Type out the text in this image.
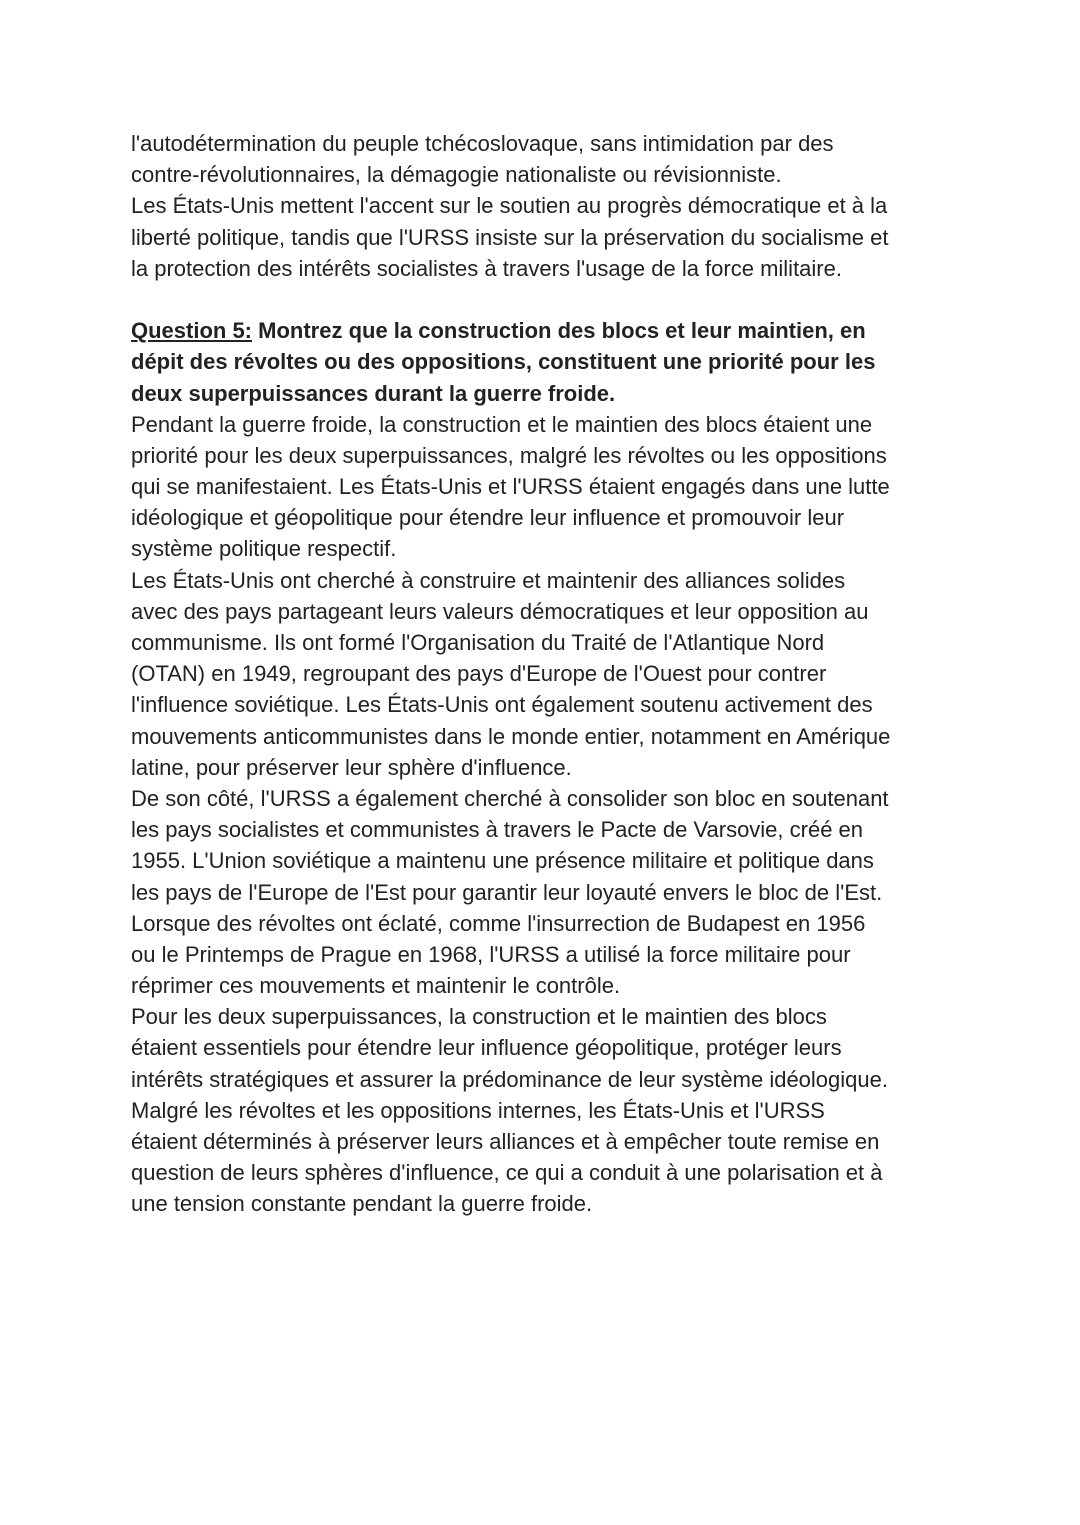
l'autodétermination du peuple tchécoslovaque, sans intimidation par des
contre-révolutionnaires, la démagogie nationaliste ou révisionniste.
Les États-Unis mettent l'accent sur le soutien au progrès démocratique et à la
liberté politique, tandis que l'URSS insiste sur la préservation du socialisme et
la protection des intérêts socialistes à travers l'usage de la force militaire.
Question 5: Montrez que la construction des blocs et leur maintien, en
dépit des révoltes ou des oppositions, constituent une priorité pour les
deux superpuissances durant la guerre froide.
Pendant la guerre froide, la construction et le maintien des blocs étaient une
priorité pour les deux superpuissances, malgré les révoltes ou les oppositions
qui se manifestaient. Les États-Unis et l'URSS étaient engagés dans une lutte
idéologique et géopolitique pour étendre leur influence et promouvoir leur
système politique respectif.
Les États-Unis ont cherché à construire et maintenir des alliances solides
avec des pays partageant leurs valeurs démocratiques et leur opposition au
communisme. Ils ont formé l'Organisation du Traité de l'Atlantique Nord
(OTAN) en 1949, regroupant des pays d'Europe de l'Ouest pour contrer
l'influence soviétique. Les États-Unis ont également soutenu activement des
mouvements anticommunistes dans le monde entier, notamment en Amérique
latine, pour préserver leur sphère d'influence.
De son côté, l'URSS a également cherché à consolider son bloc en soutenant
les pays socialistes et communistes à travers le Pacte de Varsovie, créé en
1955. L'Union soviétique a maintenu une présence militaire et politique dans
les pays de l'Europe de l'Est pour garantir leur loyauté envers le bloc de l'Est.
Lorsque des révoltes ont éclaté, comme l'insurrection de Budapest en 1956
ou le Printemps de Prague en 1968, l'URSS a utilisé la force militaire pour
réprimer ces mouvements et maintenir le contrôle.
Pour les deux superpuissances, la construction et le maintien des blocs
étaient essentiels pour étendre leur influence géopolitique, protéger leurs
intérêts stratégiques et assurer la prédominance de leur système idéologique.
Malgré les révoltes et les oppositions internes, les États-Unis et l'URSS
étaient déterminés à préserver leurs alliances et à empêcher toute remise en
question de leurs sphères d'influence, ce qui a conduit à une polarisation et à
une tension constante pendant la guerre froide.
